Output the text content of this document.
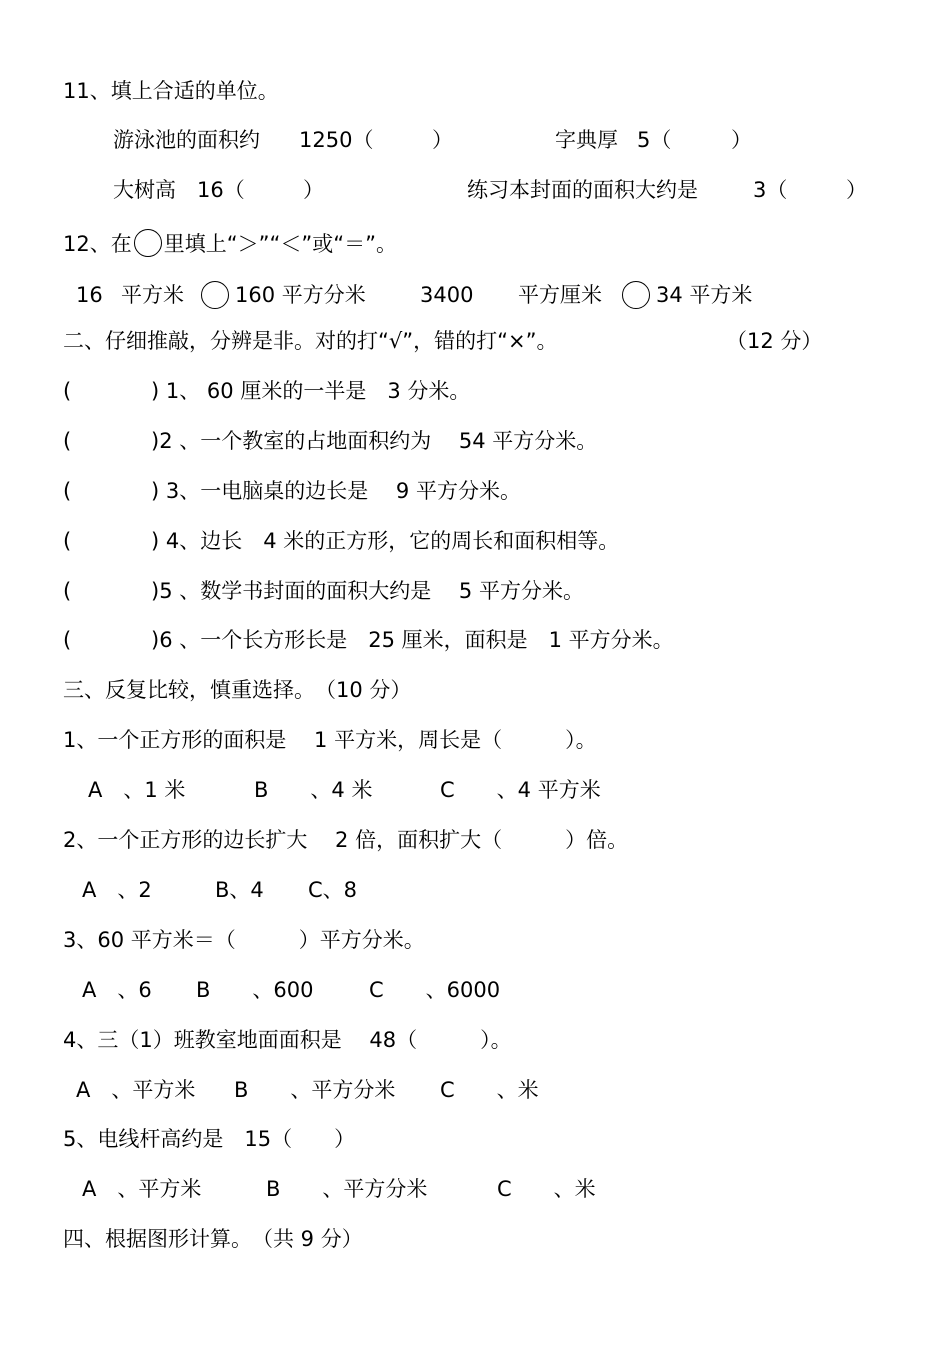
11、填上合适的单位。
游泳池的面积约 1250（	）	字典厚 5（	）
大树高 16（	）	练习本封面的面积大约是	3（	）
12、在 里填上“＞”“＜”或“＝”。
16 平方米 160 平方分米	3400 平方厘米	34 平方米
二、仔细推敲，分辨是非。对的打“√”，错的打“×”。	（12 分）
(	) 1、 60 厘米的一半是　3 分米。
(	)2 、一个教室的占地面积约为　 54 平方分米。
(	) 3、一电脑桌的边长是　 9 平方分米。
(	) 4、边长　4 米的正方形，它的周长和面积相等。
(	)5 、数学书封面的面积大约是　 5 平方分米。
(	)6 、一个长方形长是　25 厘米，面积是　1 平方分米。
三、反复比较，慎重选择。　（10 分）
1、一个正方形的面积是　 1 平方米，周长是（　　　）。
A　、1 米	B　　、4 米	C　　、4 平方米
2、一个正方形的边长扩大　 2 倍，面积扩大（　　　）倍。
A　、2	B、4 C、8
3、60 平方米＝（　　　）平方分米。
A　、6 B　　、600	C　　、6000
4、三（1）班教室地面面积是　 48（　　　）。
A　、平方米 B　　、平方分米 C　　、米
5、电线杆高约是　15（　　）
A　、平方米	B　　、平方分米	C　　、米
四、根据图形计算。　（共 9 分）
